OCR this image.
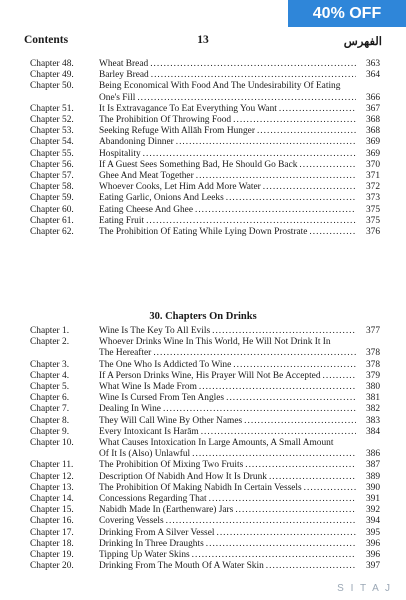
40% OFF
Contents	13	الفهرس
Chapter 48.	Wheat Bread .....	363
Chapter 49.	Barley Bread .....	364
Chapter 50.	Being Economical With Food And The Undesirability Of Eating
One's Fill .....	366
Chapter 51.	It Is Extravagance To Eat Everything You Want .....	367
Chapter 52.	The Prohibition Of Throwing Food .....	368
Chapter 53.	Seeking Refuge With Allāh From Hunger .....	368
Chapter 54.	Abandoning Dinner .....	369
Chapter 55.	Hospitality .....	369
Chapter 56.	If A Guest Sees Something Bad, He Should Go Back .....	370
Chapter 57.	Ghee And Meat Together .....	371
Chapter 58.	Whoever Cooks, Let Him Add More Water .....	372
Chapter 59.	Eating Garlic, Onions And Leeks .....	373
Chapter 60.	Eating Cheese And Ghee .....	375
Chapter 61.	Eating Fruit .....	375
Chapter 62.	The Prohibition Of Eating While Lying Down Prostrate .....	376
30. Chapters On Drinks
Chapter 1.	Wine Is The Key To All Evils .....	377
Chapter 2.	Whoever Drinks Wine In This World, He Will Not Drink It In
The Hereafter .....	378
Chapter 3.	The One Who Is Addicted To Wine .....	378
Chapter 4.	If A Person Drinks Wine, His Prayer Will Not Be Accepted .....	379
Chapter 5.	What Wine Is Made From .....	380
Chapter 6.	Wine Is Cursed From Ten Angles .....	381
Chapter 7.	Dealing In Wine .....	382
Chapter 8.	They Will Call Wine By Other Names .....	383
Chapter 9.	Every Intoxicant Is Harām .....	384
Chapter 10.	What Causes Intoxication In Large Amounts, A Small Amount
Of It Is (Also) Unlawful .....	386
Chapter 11.	The Prohibition Of Mixing Two Fruits .....	387
Chapter 12.	Description Of Nabidh And How It Is Drunk .....	389
Chapter 13.	The Prohibition Of Making Nabidh In Certain Vessels .....	390
Chapter 14.	Concessions Regarding That .....	391
Chapter 15.	Nabidh Made In (Earthenware) Jars .....	392
Chapter 16.	Covering Vessels .....	394
Chapter 17.	Drinking From A Silver Vessel .....	395
Chapter 18.	Drinking In Three Draughts .....	396
Chapter 19.	Tipping Up Water Skins .....	396
Chapter 20.	Drinking From The Mouth Of A Water Skin .....	397
S I T A J
